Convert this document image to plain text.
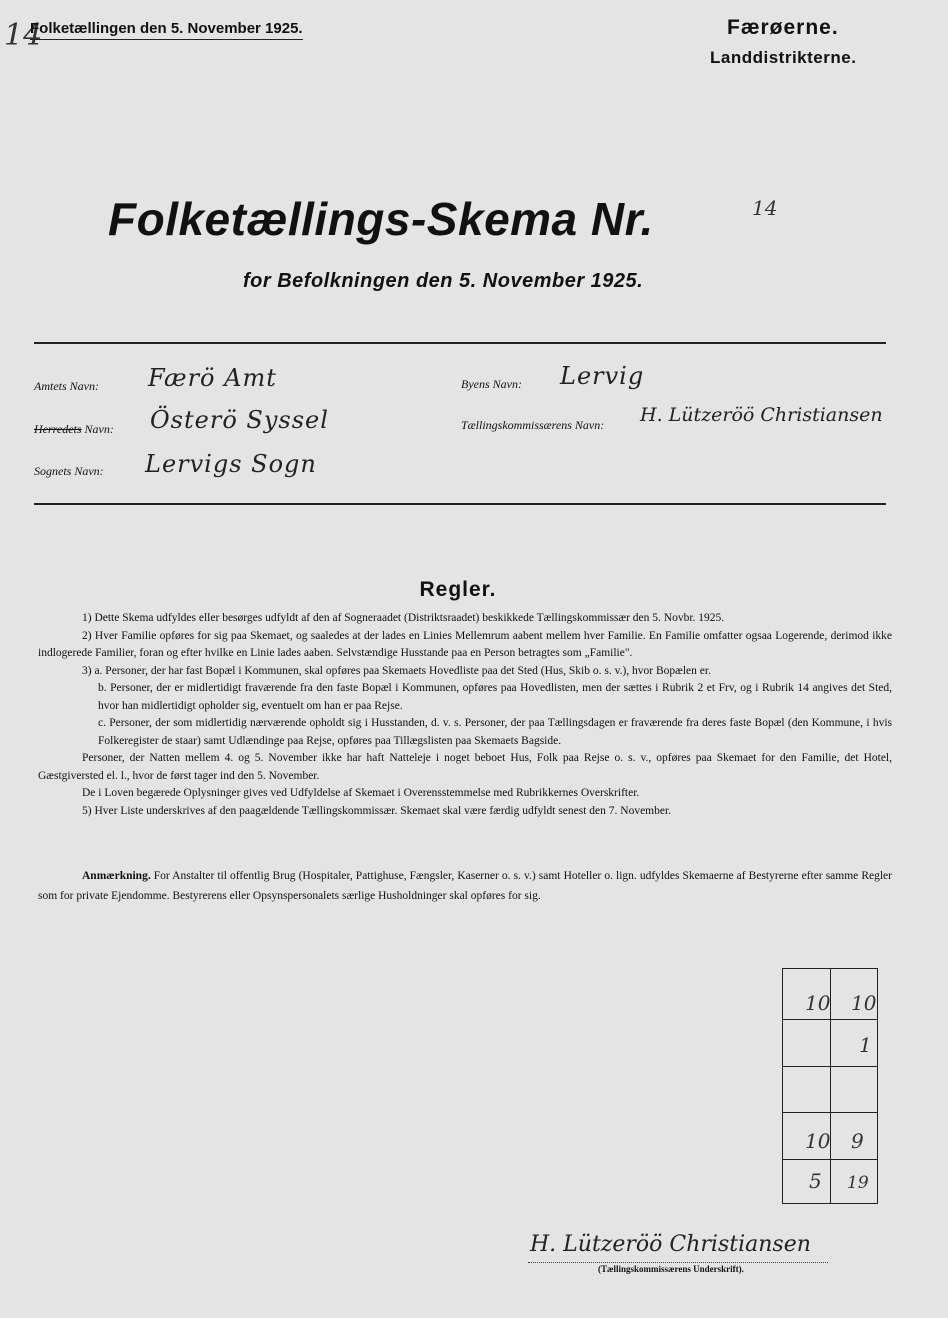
14
Folketællingen den 5. November 1925.	Færøerne.
Landdistrikterne.
Folketællings-Skema Nr.	14
for Befolkningen den 5. November 1925.
Amtets Navn: Færö Amt
Herredets Navn: Österö Syssel
Sognets Navn: Lervigs Sogn
Byens Navn: Lervig
Tællingskommissærens Navn: H. Lützeröö Christiansen
Regler.

1) Dette Skema udfyldes eller besørges udfyldt af den af Sogneraadet (Distriktsraadet) beskikkede Tællingskommissær den 5. Novbr. 1925.

2) Hver Familie opføres for sig paa Skemaet, og saaledes at der lades en Linies Mellemrum aabent mellem hver Familie. En Familie omfatter ogsaa Logerende, derimod ikke indlogerede Familier, foran og efter hvilke en Linie lades aaben. Selvstændige Husstande paa en Person betragtes som „Familie".

3) a. Personer, der har fast Bopæl i Kommunen, skal opføres paa Skemaets Hovedliste paa det Sted (Hus, Skib o. s. v.), hvor Bopælen er.

b. Personer, der er midlertidigt fraværende fra den faste Bopæl i Kommunen, opføres paa Hovedlisten, men der sættes i Rubrik 2 et Frv, og i Rubrik 14 angives det Sted, hvor han midlertidigt opholder sig, eventuelt om han er paa Rejse.

c. Personer, der som midlertidig nærværende opholdt sig i Husstanden, d. v. s. Personer, der paa Tællingsdagen er fraværende fra deres faste Bopæl (den Kommune, i hvis Folkeregister de staar) samt Udlændinge paa Rejse, opføres paa Tillægslisten paa Skemaets Bagside.

Personer, der Natten mellem 4. og 5. November ikke har haft Natteleje i noget beboet Hus, Folk paa Rejse o. s. v., opføres paa Skemaet for den Familie, det Hotel, Gæstgiversted el. l., hvor de først tager ind den 5. November.

De i Loven begærede Oplysninger gives ved Udfyldelse af Skemaet i Overensstemmelse med Rubrikkernes Overskrifter.

5) Hver Liste underskrives af den paagældende Tællingskommissær. Skemaet skal være færdig udfyldt senest den 7. November.

Anmærkning. For Anstalter til offentlig Brug (Hospitaler, Pattighuse, Fængsler, Kaserner o. s. v.) samt Hoteller o. lign. udfyldes Skemaerne af Bestyrerne efter samme Regler som for private Ejendomme. Bestyrerens eller Opsynspersonalets særlige Husholdninger skal opføres for sig.

10 10
1
10 9
5 19
H. Lützeröö Christiansen
(Tællingskommissærens Underskrift).
